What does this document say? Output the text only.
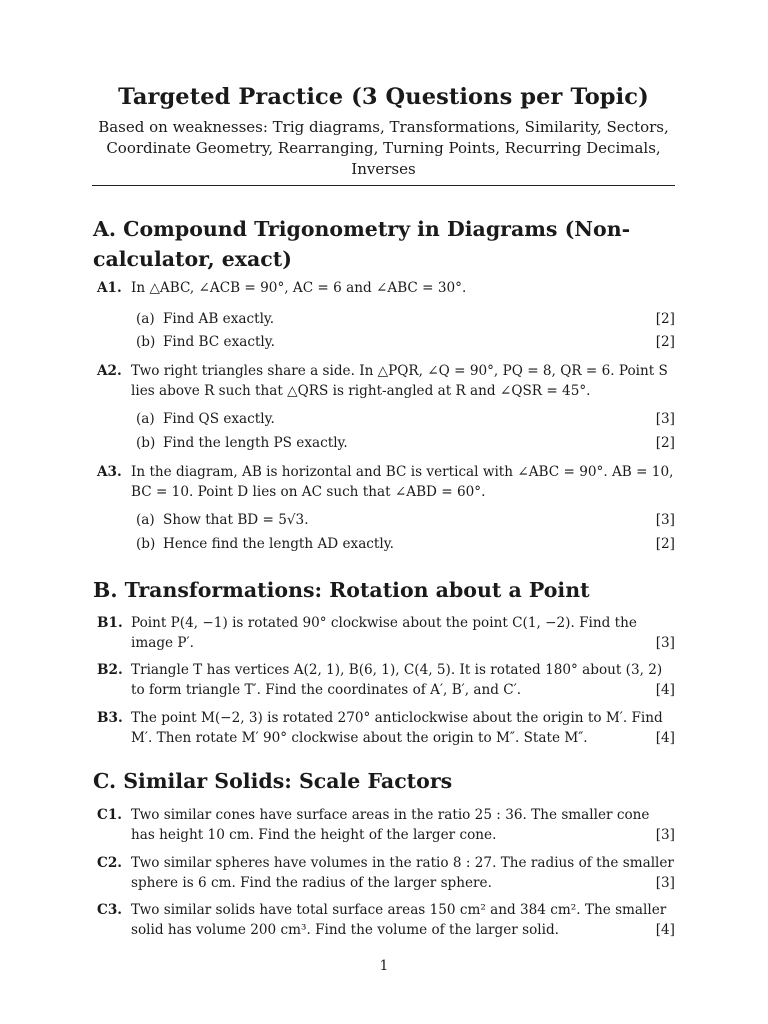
Targeted Practice (3 Questions per Topic)
Based on weaknesses: Trig diagrams, Transformations, Similarity, Sectors, Coordinate Geometry, Rearranging, Turning Points, Recurring Decimals, Inverses
A. Compound Trigonometry in Diagrams (Non-calculator, exact)
A1. In △ABC, ∠ACB = 90°, AC = 6 and ∠ABC = 30°.
(a) Find AB exactly.	[2]
(b) Find BC exactly.	[2]
A2. Two right triangles share a side. In △PQR, ∠Q = 90°, PQ = 8, QR = 6. Point S lies above R such that △QRS is right-angled at R and ∠QSR = 45°.
(a) Find QS exactly.	[3]
(b) Find the length PS exactly.	[2]
A3. In the diagram, AB is horizontal and BC is vertical with ∠ABC = 90°. AB = 10, BC = 10. Point D lies on AC such that ∠ABD = 60°.
(a) Show that BD = 5√3.	[3]
(b) Hence find the length AD exactly.	[2]
B. Transformations: Rotation about a Point
B1. Point P(4, −1) is rotated 90° clockwise about the point C(1, −2). Find the image P′.	[3]
B2. Triangle T has vertices A(2, 1), B(6, 1), C(4, 5). It is rotated 180° about (3, 2) to form triangle T′. Find the coordinates of A′, B′, and C′.	[4]
B3. The point M(−2, 3) is rotated 270° anticlockwise about the origin to M′. Find M′. Then rotate M′ 90° clockwise about the origin to M″. State M″.	[4]
C. Similar Solids: Scale Factors
C1. Two similar cones have surface areas in the ratio 25 : 36. The smaller cone has height 10 cm. Find the height of the larger cone.	[3]
C2. Two similar spheres have volumes in the ratio 8 : 27. The radius of the smaller sphere is 6 cm. Find the radius of the larger sphere.	[3]
C3. Two similar solids have total surface areas 150 cm² and 384 cm². The smaller solid has volume 200 cm³. Find the volume of the larger solid.	[4]
1
